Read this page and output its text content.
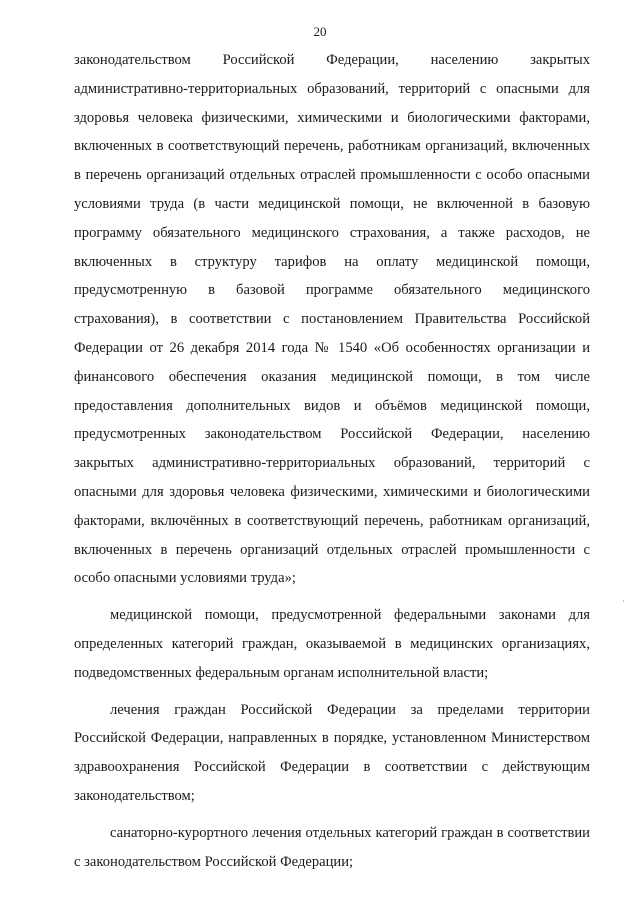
20

законодательством Российской Федерации, населению закрытых административно-территориальных образований, территорий с опасными для здоровья человека физическими, химическими и биологическими факторами, включенных в соответствующий перечень, работникам организаций, включенных в перечень организаций отдельных отраслей промышленности с особо опасными условиями труда (в части медицинской помощи, не включенной в базовую программу обязательного медицинского страхования, а также расходов, не включенных в структуру тарифов на оплату медицинской помощи, предусмотренную в базовой программе обязательного медицинского страхования), в соответствии с постановлением Правительства Российской Федерации от 26 декабря 2014 года № 1540 «Об особенностях организации и финансового обеспечения оказания медицинской помощи, в том числе предоставления дополнительных видов и объёмов медицинской помощи, предусмотренных законодательством Российской Федерации, населению закрытых административно-территориальных образований, территорий с опасными для здоровья человека физическими, химическими и биологическими факторами, включённых в соответствующий перечень, работникам организаций, включенных в перечень организаций отдельных отраслей промышленности с особо опасными условиями труда»;

медицинской помощи, предусмотренной федеральными законами для определенных категорий граждан, оказываемой в медицинских организациях, подведомственных федеральным органам исполнительной власти;

лечения граждан Российской Федерации за пределами территории Российской Федерации, направленных в порядке, установленном Министерством здравоохранения Российской Федерации в соответствии с действующим законодательством;

санаторно-курортного лечения отдельных категорий граждан в соответствии с законодательством Российской Федерации;

·
